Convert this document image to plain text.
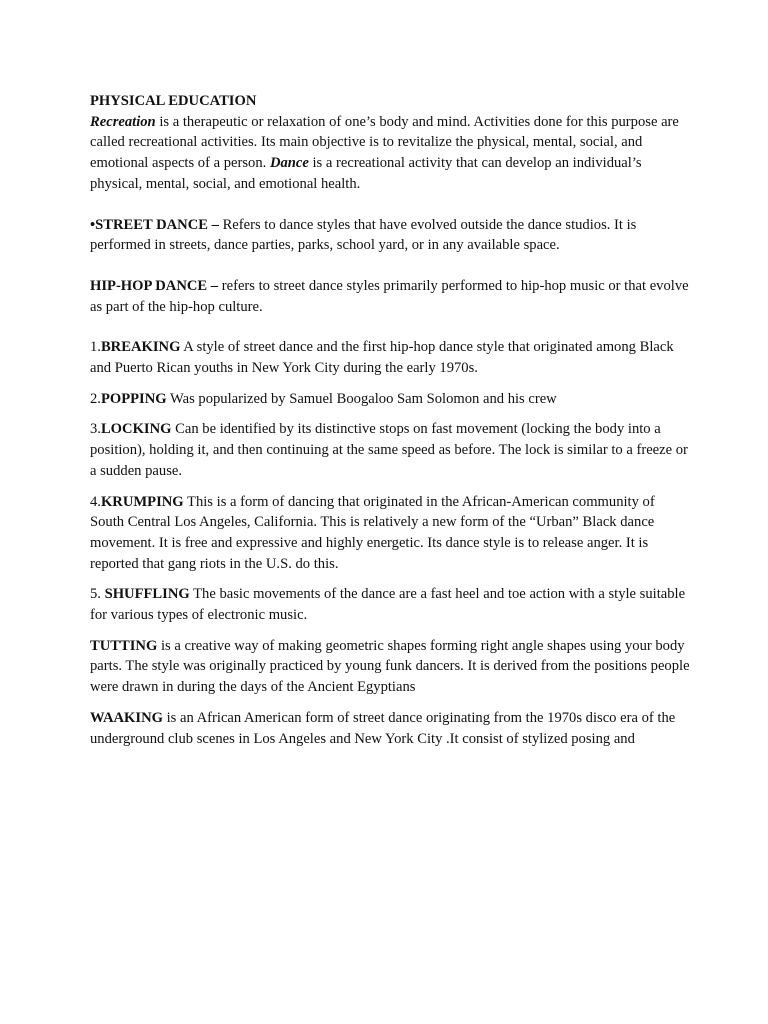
PHYSICAL EDUCATION

Recreation is a therapeutic or relaxation of one’s body and mind. Activities done for this purpose are called recreational activities. Its main objective is to revitalize the physical, mental, social, and emotional aspects of a person. Dance is a recreational activity that can develop an individual’s physical, mental, social, and emotional health.

•STREET DANCE – Refers to dance styles that have evolved outside the dance studios. It is performed in streets, dance parties, parks, school yard, or in any available space.

HIP-HOP DANCE – refers to street dance styles primarily performed to hip-hop music or that evolve as part of the hip-hop culture.

1.BREAKING A style of street dance and the first hip-hop dance style that originated among Black and Puerto Rican youths in New York City during the early 1970s.

2.POPPING Was popularized by Samuel Boogaloo Sam Solomon and his crew

3.LOCKING Can be identified by its distinctive stops on fast movement (locking the body into a position), holding it, and then continuing at the same speed as before. The lock is similar to a freeze or a sudden pause.

4.KRUMPING This is a form of dancing that originated in the African-American community of South Central Los Angeles, California. This is relatively a new form of the “Urban” Black dance movement. It is free and expressive and highly energetic. Its dance style is to release anger. It is reported that gang riots in the U.S. do this.

5. SHUFFLING The basic movements of the dance are a fast heel and toe action with a style suitable for various types of electronic music.

TUTTING is a creative way of making geometric shapes forming right angle shapes using your body parts. The style was originally practiced by young funk dancers. It is derived from the positions people were drawn in during the days of the Ancient Egyptians

WAAKING is an African American form of street dance originating from the 1970s disco era of the underground club scenes in Los Angeles and New York City .It consist of stylized posing and
